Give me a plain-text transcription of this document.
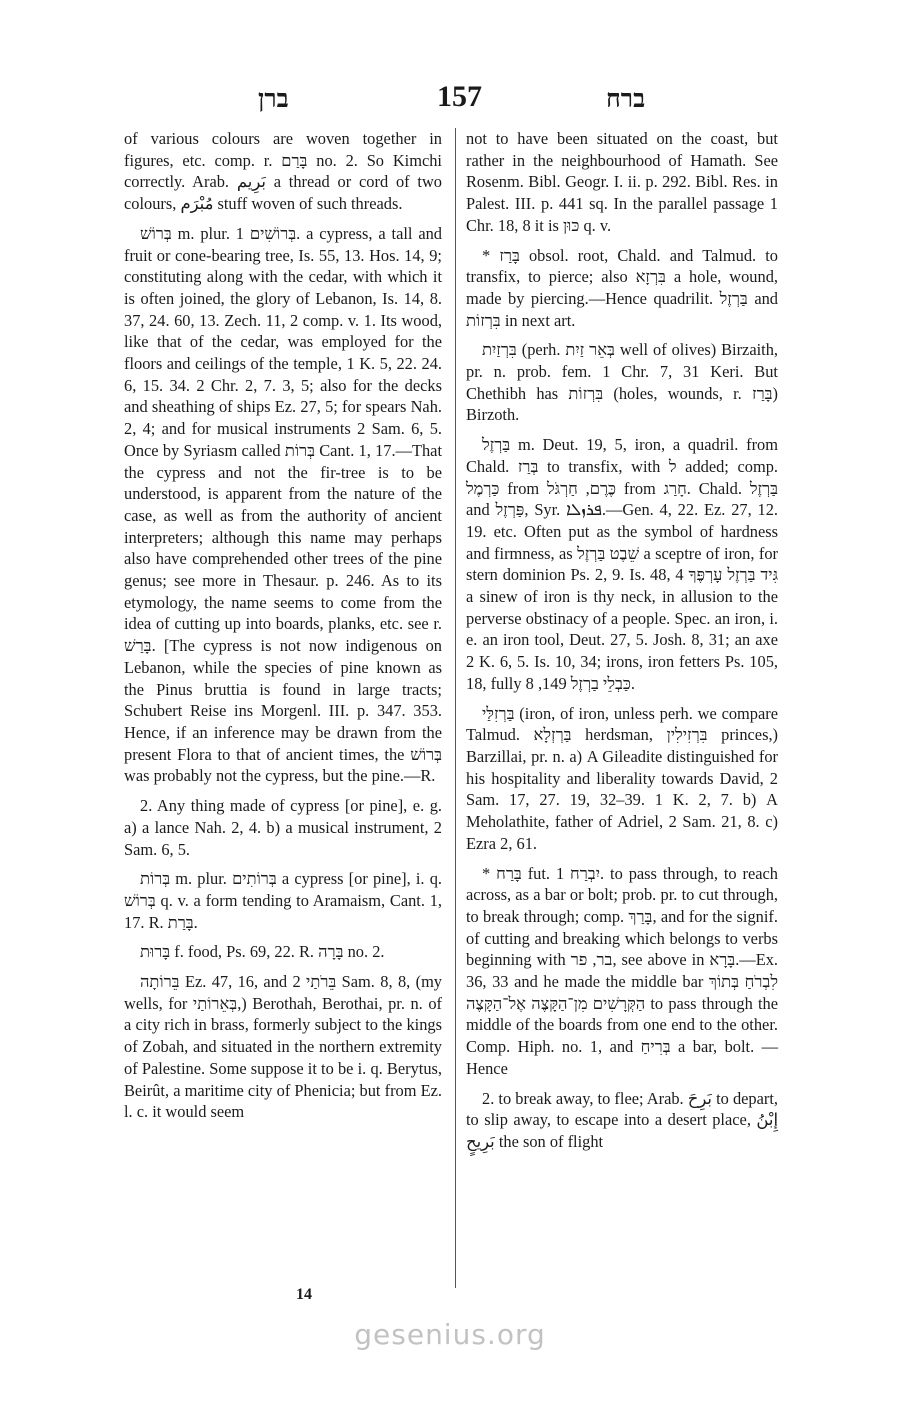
ברן	157	ברח

of various colours are woven together in figures, etc. comp. r. בָּרַם no. 2. So Kimchi correctly. Arab. بَرِيم a thread or cord of two colours, مُبْرَم stuff woven of such threads.

בְּרוֹשׁ m. plur. בְּרוֹשִׁים 1. a cypress, a tall and fruit or cone-bearing tree, Is. 55, 13. Hos. 14, 9; constituting along with the cedar, with which it is often joined, the glory of Lebanon, Is. 14, 8. 37, 24. 60, 13. Zech. 11, 2 comp. v. 1. Its wood, like that of the cedar, was employed for the floors and ceilings of the temple, 1 K. 5, 22. 24. 6, 15. 34. 2 Chr. 2, 7. 3, 5; also for the decks and sheathing of ships Ez. 27, 5; for spears Nah. 2, 4; and for musical instruments 2 Sam. 6, 5. Once by Syriasm called בְּרוֹת Cant. 1, 17.—That the cypress and not the fir-tree is to be understood, is apparent from the nature of the case, as well as from the authority of ancient interpreters; although this name may perhaps also have comprehended other trees of the pine genus; see more in Thesaur. p. 246. As to its etymology, the name seems to come from the idea of cutting up into boards, planks, etc. see r. בָּרַשׁ. [The cypress is not now indigenous on Lebanon, while the species of pine known as the Pinus bruttia is found in large tracts; Schubert Reise ins Morgenl. III. p. 347. 353. Hence, if an inference may be drawn from the present Flora to that of ancient times, the בְּרוֹשׁ was probably not the cypress, but the pine.—R.

2. Any thing made of cypress [or pine], e. g. a) a lance Nah. 2, 4. b) a musical instrument, 2 Sam. 6, 5.

בְּרוֹת m. plur. בְּרוֹתִים a cypress [or pine], i. q. בְּרוֹשׁ q. v. a form tending to Aramaism, Cant. 1, 17. R. בָּרַת.

בָּרוּת f. food, Ps. 69, 22. R. בָּרָה no. 2.

בֵּרוֹתָה Ez. 47, 16, and בֵּרֹתַי 2 Sam. 8, 8, (my wells, for בְּאֵרוֹתַי,) Berothah, Berothai, pr. n. of a city rich in brass, formerly subject to the kings of Zobah, and situated in the northern extremity of Palestine. Some suppose it to be i. q. Berytus, Beirût, a maritime city of Phenicia; but from Ez. l. c. it would seem

not to have been situated on the coast, but rather in the neighbourhood of Hamath. See Rosenm. Bibl. Geogr. I. ii. p. 292. Bibl. Res. in Palest. III. p. 441 sq. In the parallel passage 1 Chr. 18, 8 it is כּוּן q. v.

* בָּרַז obsol. root, Chald. and Talmud. to transfix, to pierce; also בִּרְזָא a hole, wound, made by piercing.—Hence quadrilit. בַּרְזֶל and בִּרְזוֹת in next art.

בִּרְזַיִת (perh. בְּאֵר זַיִת well of olives) Birzaith, pr. n. prob. fem. 1 Chr. 7, 31 Keri. But Chethibh has בִּרְזוֹת (holes, wounds, r. בָּרַז) Birzoth.

בַּרְזֶל m. Deut. 19, 5, iron, a quadril. from Chald. בְּרַז to transfix, with ל added; comp. כַּרְמֶל from כֶּרֶם, חַרְגֹּל from חָרַג. Chald. בַּרְזֶל and פַּרְזֶל, Syr. ܦܪܙܠܐ.—Gen. 4, 22. Ez. 27, 12. 19. etc. Often put as the symbol of hardness and firmness, as שֵׁבֶט בַּרְזֶל a sceptre of iron, for stern dominion Ps. 2, 9. Is. 48, 4 גִּיד בַּרְזֶל עָרְפֶּךָ a sinew of iron is thy neck, in allusion to the perverse obstinacy of a people. Spec. an iron, i. e. an iron tool, Deut. 27, 5. Josh. 8, 31; an axe 2 K. 6, 5. Is. 10, 34; irons, iron fetters Ps. 105, 18, fully כַּבְלֵי בַרְזֶל 149, 8.

בַּרְזִלַּי (iron, of iron, unless perh. we compare Talmud. בַּרְזְלָא herdsman, בִּרְזִילִין princes,) Barzillai, pr. n. a) A Gileadite distinguished for his hospitality and liberality towards David, 2 Sam. 17, 27. 19, 32–39. 1 K. 2, 7. b) A Meholathite, father of Adriel, 2 Sam. 21, 8. c) Ezra 2, 61.

* בָּרַח fut. יִבְרַח 1. to pass through, to reach across, as a bar or bolt; prob. pr. to cut through, to break through; comp. בָּרַךְ, and for the signif. of cutting and breaking which belongs to verbs beginning with בר, פר, see above in בָּרָא.—Ex. 36, 33 and he made the middle bar לִבְרֹחַ בְּתוֹךְ הַקְּרָשִׁים מִן־הַקָּצֶה אֶל־הַקָּצֶה to pass through the middle of the boards from one end to the other. Comp. Hiph. no. 1, and בְּרִיחַ a bar, bolt. —Hence

2. to break away, to flee; Arab. بَرِحَ to depart, to slip away, to escape into a desert place, إِبْنُ بَرِيحٍ the son of flight

14
gesenius.org
